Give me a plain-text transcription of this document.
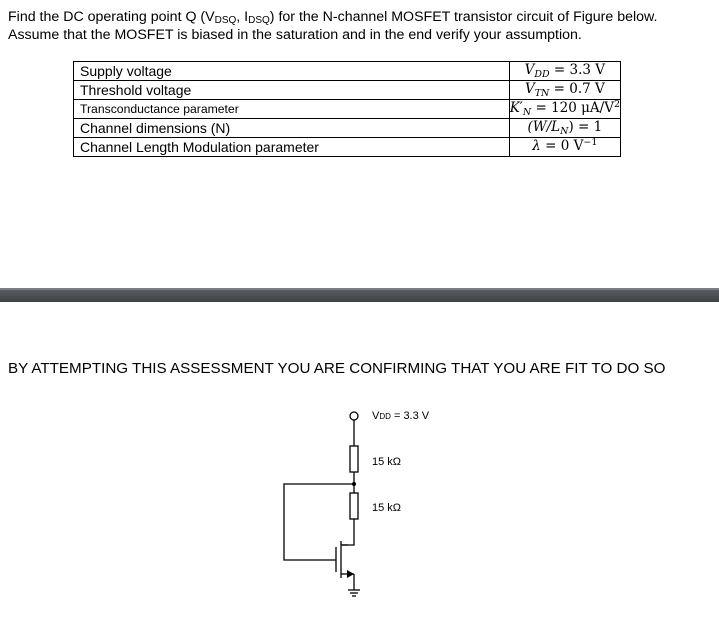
Find the DC operating point Q (VDSQ, IDSQ) for the N-channel MOSFET transistor circuit of Figure below.
Assume that the MOSFET is biased in the saturation and in the end verify your assumption.
Supply voltage	$V_{DD} = 3.3$ V
Threshold voltage	$V_{TN} = 0.7$ V
Transconductance parameter	$K'_N = 120$ $\mu A/V^2$
Channel dimensions (N)	$(W/L_N) = 1$
Channel Length Modulation parameter	λ = 0 $V^{-1}$
BY ATTEMPTING THIS ASSESSMENT YOU ARE CONFIRMING THAT YOU ARE FIT TO DO SO
VDD = 3.3 V
15 kΩ
15 kΩ
